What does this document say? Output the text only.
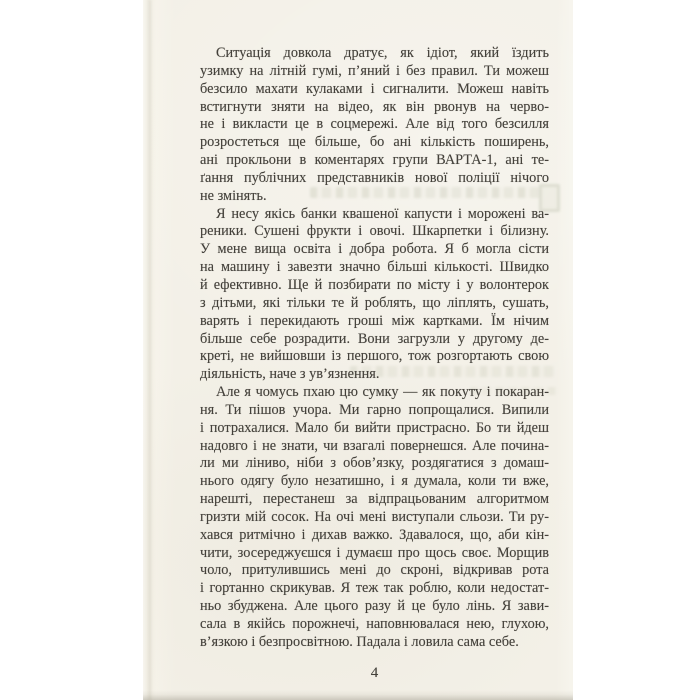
Ситуація довкола дратує, як ідіот, який їздить
узимку на літній гумі, п’яний і без правил. Ти можеш
безсило махати кулаками і сигналити. Можеш навіть
встигнути зняти на відео, як він рвонув на черво-
не і викласти це в соцмережі. Але від того безсилля
розростеться ще більше, бо ані кількість поширень,
ані прокльони в коментарях групи ВАРТА-1, ані те-
ґання публічних представників нової поліції нічого
не змінять.
Я несу якісь банки квашеної капусти і морожені ва-
реники. Сушені фрукти і овочі. Шкарпетки і білизну.
У мене вища освіта і добра робота. Я б могла сісти
на машину і завезти значно більші кількості. Швидко
й ефективно. Ще й позбирати по місту і у волонтерок
з дітьми, які тільки те й роблять, що ліплять, сушать,
варять і перекидають гроші між картками. Їм нічим
більше себе розрадити. Вони загрузли у другому де-
креті, не вийшовши із першого, тож розгортають свою
діяльність, наче з ув’язнення.
Але я чомусь пхаю цю сумку — як покуту і покаран-
ня. Ти пішов учора. Ми гарно попрощалися. Випили
і потрахалися. Мало би вийти пристрасно. Бо ти йдеш
надовго і не знати, чи взагалі повернешся. Але почина-
ли ми ліниво, ніби з обов’язку, роздягатися з домаш-
нього одягу було незатишно, і я думала, коли ти вже,
нарешті, перестанеш за відпрацьованим алгоритмом
гризти мій сосок. На очі мені виступали сльози. Ти ру-
хався ритмічно і дихав важко. Здавалося, що, аби кін-
чити, зосереджуєшся і думаєш про щось своє. Морщив
чоло, притулившись мені до скроні, відкривав рота
і гортанно скрикував. Я теж так роблю, коли недостат-
ньо збуджена. Але цього разу й це було лінь. Я зави-
сала в якійсь порожнечі, наповнювалася нею, глухою,
в’язкою і безпросвітною. Падала і ловила сама себе.
4
